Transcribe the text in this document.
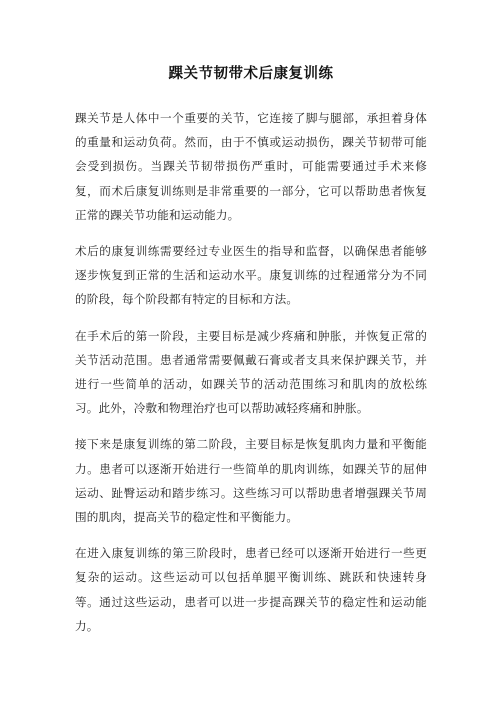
踝关节韧带术后康复训练

踝关节是人体中一个重要的关节，它连接了脚与腿部，承担着身体的重量和运动负荷。然而，由于不慎或运动损伤，踝关节韧带可能会受到损伤。当踝关节韧带损伤严重时，可能需要通过手术来修复，而术后康复训练则是非常重要的一部分，它可以帮助患者恢复正常的踝关节功能和运动能力。

术后的康复训练需要经过专业医生的指导和监督，以确保患者能够逐步恢复到正常的生活和运动水平。康复训练的过程通常分为不同的阶段，每个阶段都有特定的目标和方法。

在手术后的第一阶段，主要目标是减少疼痛和肿胀，并恢复正常的关节活动范围。患者通常需要佩戴石膏或者支具来保护踝关节，并进行一些简单的活动，如踝关节的活动范围练习和肌肉的放松练习。此外，冷敷和物理治疗也可以帮助减轻疼痛和肿胀。

接下来是康复训练的第二阶段，主要目标是恢复肌肉力量和平衡能力。患者可以逐渐开始进行一些简单的肌肉训练，如踝关节的屈伸运动、趾臀运动和踏步练习。这些练习可以帮助患者增强踝关节周围的肌肉，提高关节的稳定性和平衡能力。

在进入康复训练的第三阶段时，患者已经可以逐渐开始进行一些更复杂的运动。这些运动可以包括单腿平衡训练、跳跃和快速转身等。通过这些运动，患者可以进一步提高踝关节的稳定性和运动能力。
